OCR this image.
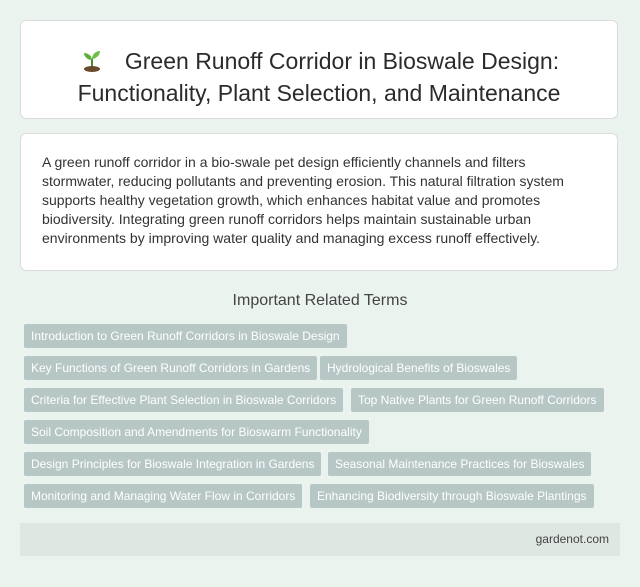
Green Runoff Corridor in Bioswale Design: Functionality, Plant Selection, and Maintenance

A green runoff corridor in a bio-swale pet design efficiently channels and filters stormwater, reducing pollutants and preventing erosion. This natural filtration system supports healthy vegetation growth, which enhances habitat value and promotes biodiversity. Integrating green runoff corridors helps maintain sustainable urban environments by improving water quality and managing excess runoff effectively.

Important Related Terms
Introduction to Green Runoff Corridors in Bioswale Design
Key Functions of Green Runoff Corridors in Gardens	Hydrological Benefits of Bioswales
Criteria for Effective Plant Selection in Bioswale Corridors	Top Native Plants for Green Runoff Corridors
Soil Composition and Amendments for Bioswarm Functionality
Design Principles for Bioswale Integration in Gardens	Seasonal Maintenance Practices for Bioswales
Monitoring and Managing Water Flow in Corridors	Enhancing Biodiversity through Bioswale Plantings
gardenot.com
